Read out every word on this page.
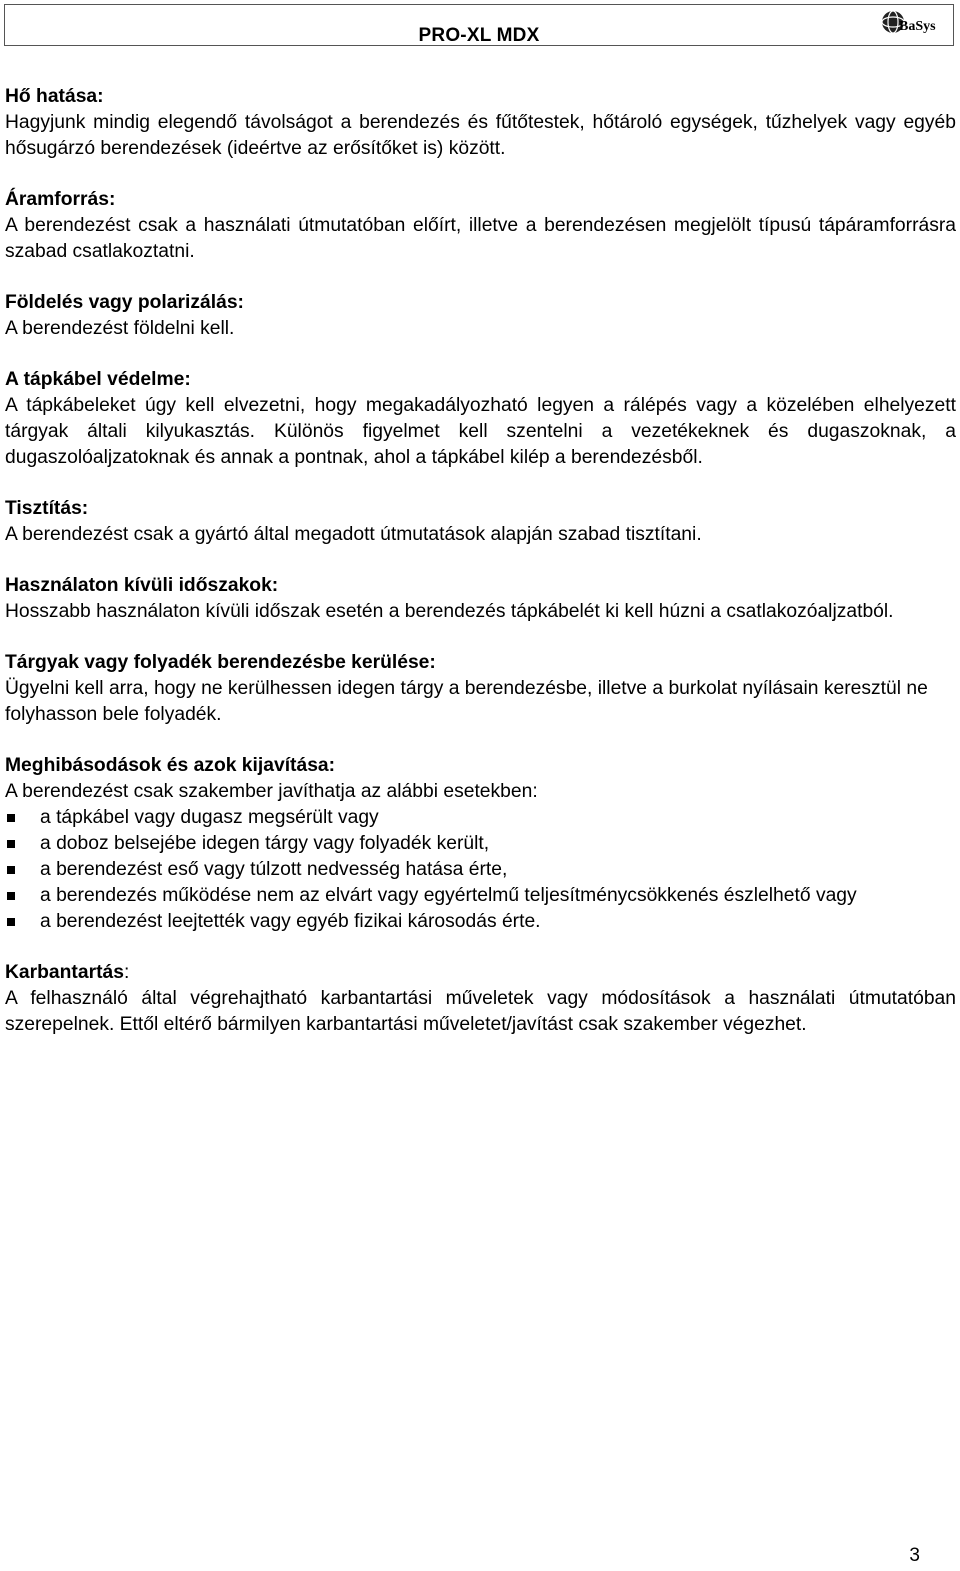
PRO-XL MDX	BaSys
Hő hatása:

Hagyjunk mindig elegendő távolságot a berendezés és fűtőtestek, hőtároló egységek, tűzhelyek vagy egyéb hősugárzó berendezések (ideértve az erősítőket is) között.

Áramforrás:

A berendezést csak a használati útmutatóban előírt, illetve a berendezésen megjelölt típusú tápáramforrásra szabad csatlakoztatni.

Földelés vagy polarizálás:

A berendezést földelni kell.

A tápkábel védelme:

A tápkábeleket úgy kell elvezetni, hogy megakadályozható legyen a rálépés vagy a közelében elhelyezett tárgyak általi kilyukasztás. Különös figyelmet kell szentelni a vezetékeknek és dugaszoknak, a dugaszolóaljzatoknak és annak a pontnak, ahol a tápkábel kilép a berendezésből.

Tisztítás:

A berendezést csak a gyártó által megadott útmutatások alapján szabad tisztítani.

Használaton kívüli időszakok:

Hosszabb használaton kívüli időszak esetén a berendezés tápkábelét ki kell húzni a csatlakozóaljzatból.

Tárgyak vagy folyadék berendezésbe kerülése:

Ügyelni kell arra, hogy ne kerülhessen idegen tárgy a berendezésbe, illetve a burkolat nyílásain keresztül ne folyhasson bele folyadék.

Meghibásodások és azok kijavítása:

A berendezést csak szakember javíthatja az alábbi esetekben:

a tápkábel vagy dugasz megsérült vagy
a doboz belsejébe idegen tárgy vagy folyadék került,
a berendezést eső vagy túlzott nedvesség hatása érte,
a berendezés működése nem az elvárt vagy egyértelmű teljesítménycsökkenés észlelhető vagy
a berendezést leejtették vagy egyéb fizikai károsodás érte.
Karbantartás:

A felhasználó által végrehajtható karbantartási műveletek vagy módosítások a használati útmutatóban szerepelnek. Ettől eltérő bármilyen karbantartási műveletet/javítást csak szakember végezhet.

3
